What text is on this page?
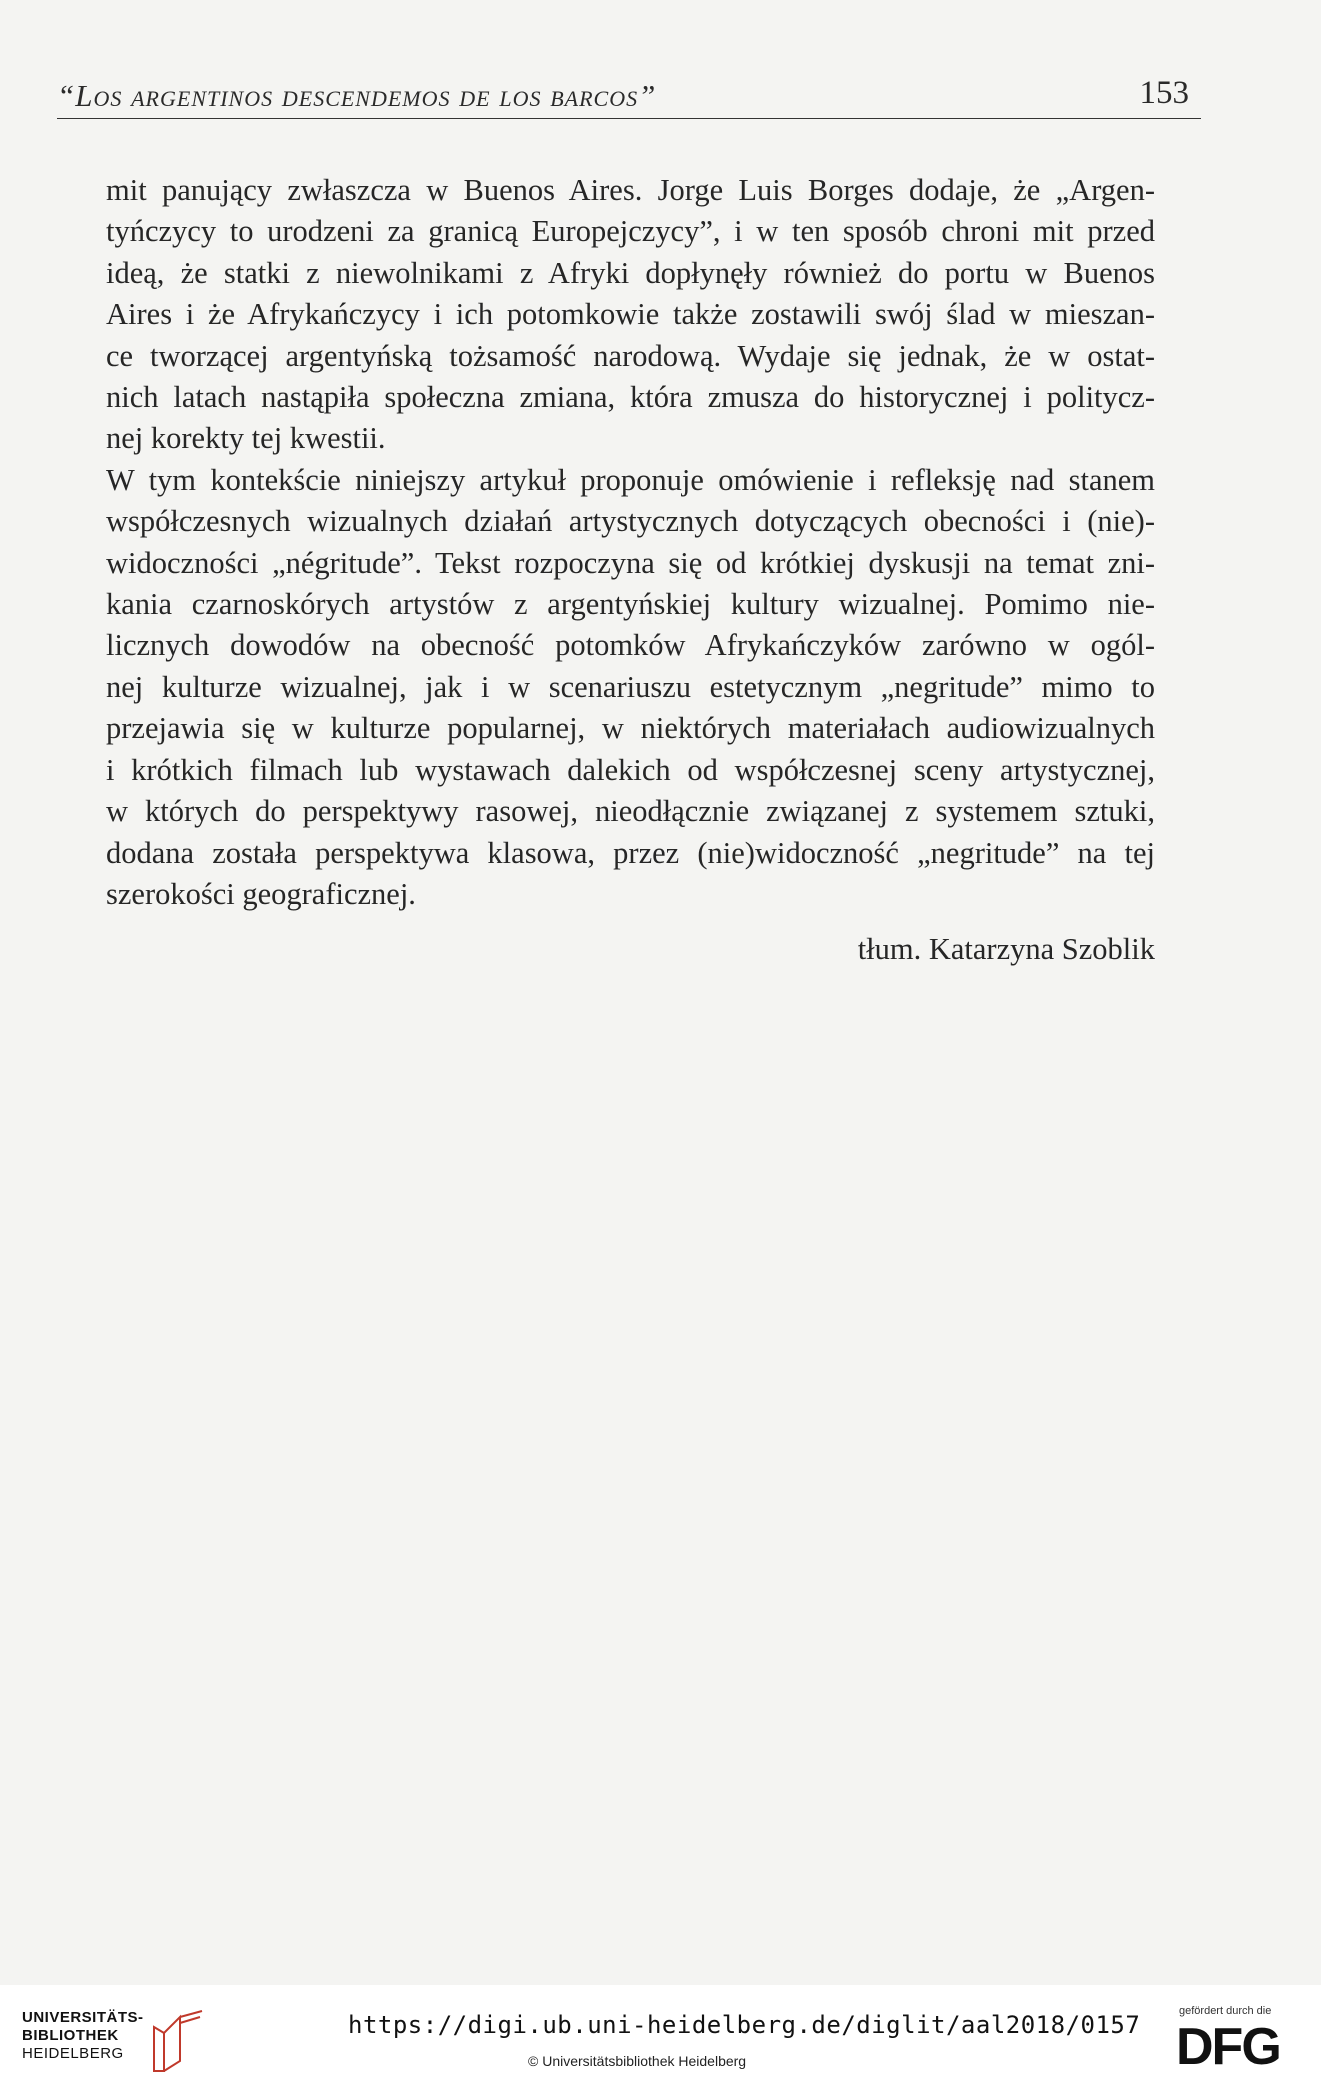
“Los argentinos descendemos de los barcos”	153

mit panujący zwłaszcza w Buenos Aires. Jorge Luis Borges dodaje, że „Argen-
tyńczycy to urodzeni za granicą Europejczycy”, i w ten sposób chroni mit przed
ideą, że statki z niewolnikami z Afryki dopłynęły również do portu w Buenos
Aires i że Afrykańczycy i ich potomkowie także zostawili swój ślad w mieszan-
ce tworzącej argentyńską tożsamość narodową. Wydaje się jednak, że w ostat-
nich latach nastąpiła społeczna zmiana, która zmusza do historycznej i politycz-
nej korekty tej kwestii.

W tym kontekście niniejszy artykuł proponuje omówienie i refleksję nad stanem
współczesnych wizualnych działań artystycznych dotyczących obecności i (nie)-
widoczności „négritude”. Tekst rozpoczyna się od krótkiej dyskusji na temat zni-
kania czarnoskórych artystów z argentyńskiej kultury wizualnej. Pomimo nie-
licznych dowodów na obecność potomków Afrykańczyków zarówno w ogól-
nej kulturze wizualnej, jak i w scenariuszu estetycznym „negritude” mimo to
przejawia się w kulturze popularnej, w niektórych materiałach audiowizualnych
i krótkich filmach lub wystawach dalekich od współczesnej sceny artystycznej,
w których do perspektywy rasowej, nieodłącznie związanej z systemem sztuki,
dodana została perspektywa klasowa, przez (nie)widoczność „negritude” na tej
szerokości geograficznej.

tłum. Katarzyna Szoblik
UNIVERSITÄTS-
BIBLIOTHEK
HEIDELBERG
https://digi.ub.uni-heidelberg.de/diglit/aal2018/0157
© Universitätsbibliothek Heidelberg
gefördert durch die
DFG
